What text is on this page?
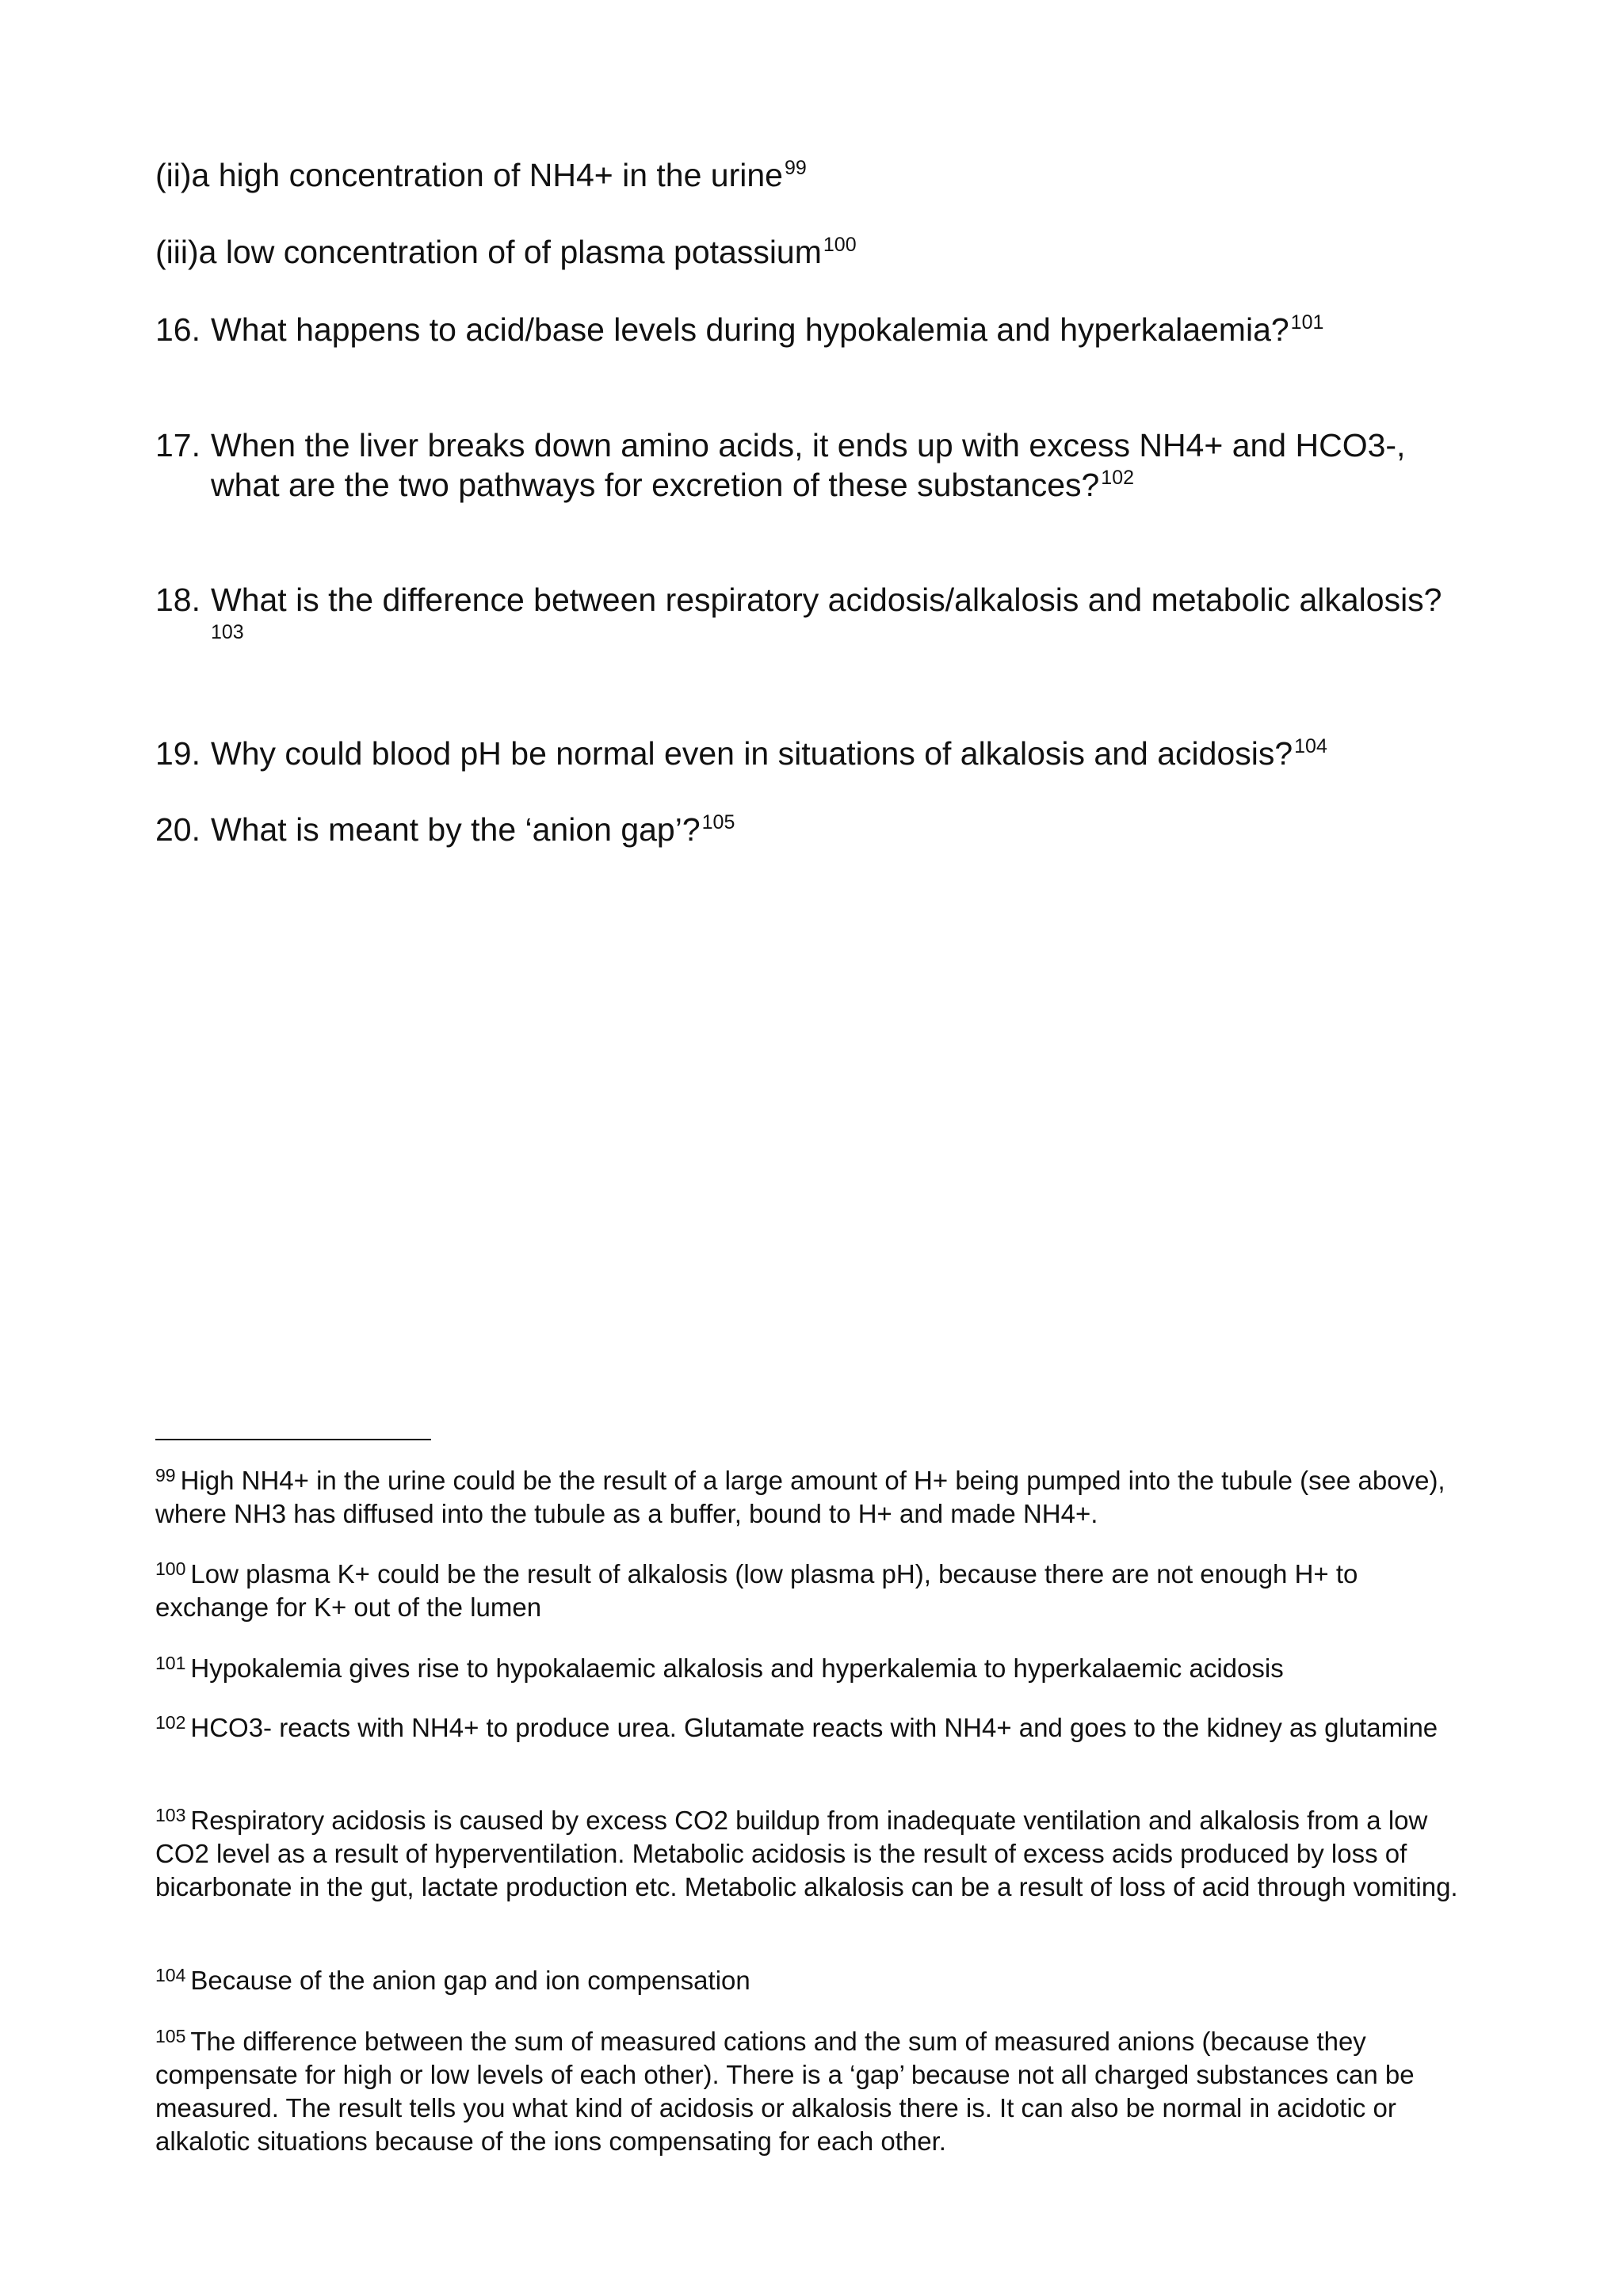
(ii)a high concentration of NH4+ in the urine$^{99}$
(iii)a low concentration of of plasma potassium$^{100}$
16. What happens to acid/base levels during hypokalemia and hyperkalaemia?$^{101}$
17. When the liver breaks down amino acids, it ends up with excess NH4+ and HCO3-,
what are the two pathways for excretion of these substances?$^{102}$
18. What is the difference between respiratory acidosis/alkalosis and metabolic alkalosis?
103
19. Why could blood pH be normal even in situations of alkalosis and acidosis?$^{104}$
20. What is meant by the ‘anion gap’?$^{105}$
$^{99}$ High NH4+ in the urine could be the result of a large amount of H+ being pumped into the tubule (see above), where NH3 has diffused into the tubule as a buffer, bound to H+ and made NH4+.
$^{100}$ Low plasma K+ could be the result of alkalosis (low plasma pH), because there are not enough H+ to exchange for K+ out of the lumen
$^{101}$ Hypokalemia gives rise to hypokalaemic alkalosis and hyperkalemia to hyperkalaemic acidosis
$^{102}$ HCO3- reacts with NH4+ to produce urea. Glutamate reacts with NH4+ and goes to the kidney as glutamine
$^{103}$ Respiratory acidosis is caused by excess CO2 buildup from inadequate ventilation and alkalosis from a low CO2 level as a result of hyperventilation. Metabolic acidosis is the result of excess acids produced by loss of bicarbonate in the gut, lactate production etc. Metabolic alkalosis can be a result of loss of acid through vomiting.
$^{104}$ Because of the anion gap and ion compensation
$^{105}$ The difference between the sum of measured cations and the sum of measured anions (because they compensate for high or low levels of each other). There is a ‘gap’ because not all charged substances can be measured. The result tells you what kind of acidosis or alkalosis there is. It can also be normal in acidotic or alkalotic situations because of the ions compensating for each other.
